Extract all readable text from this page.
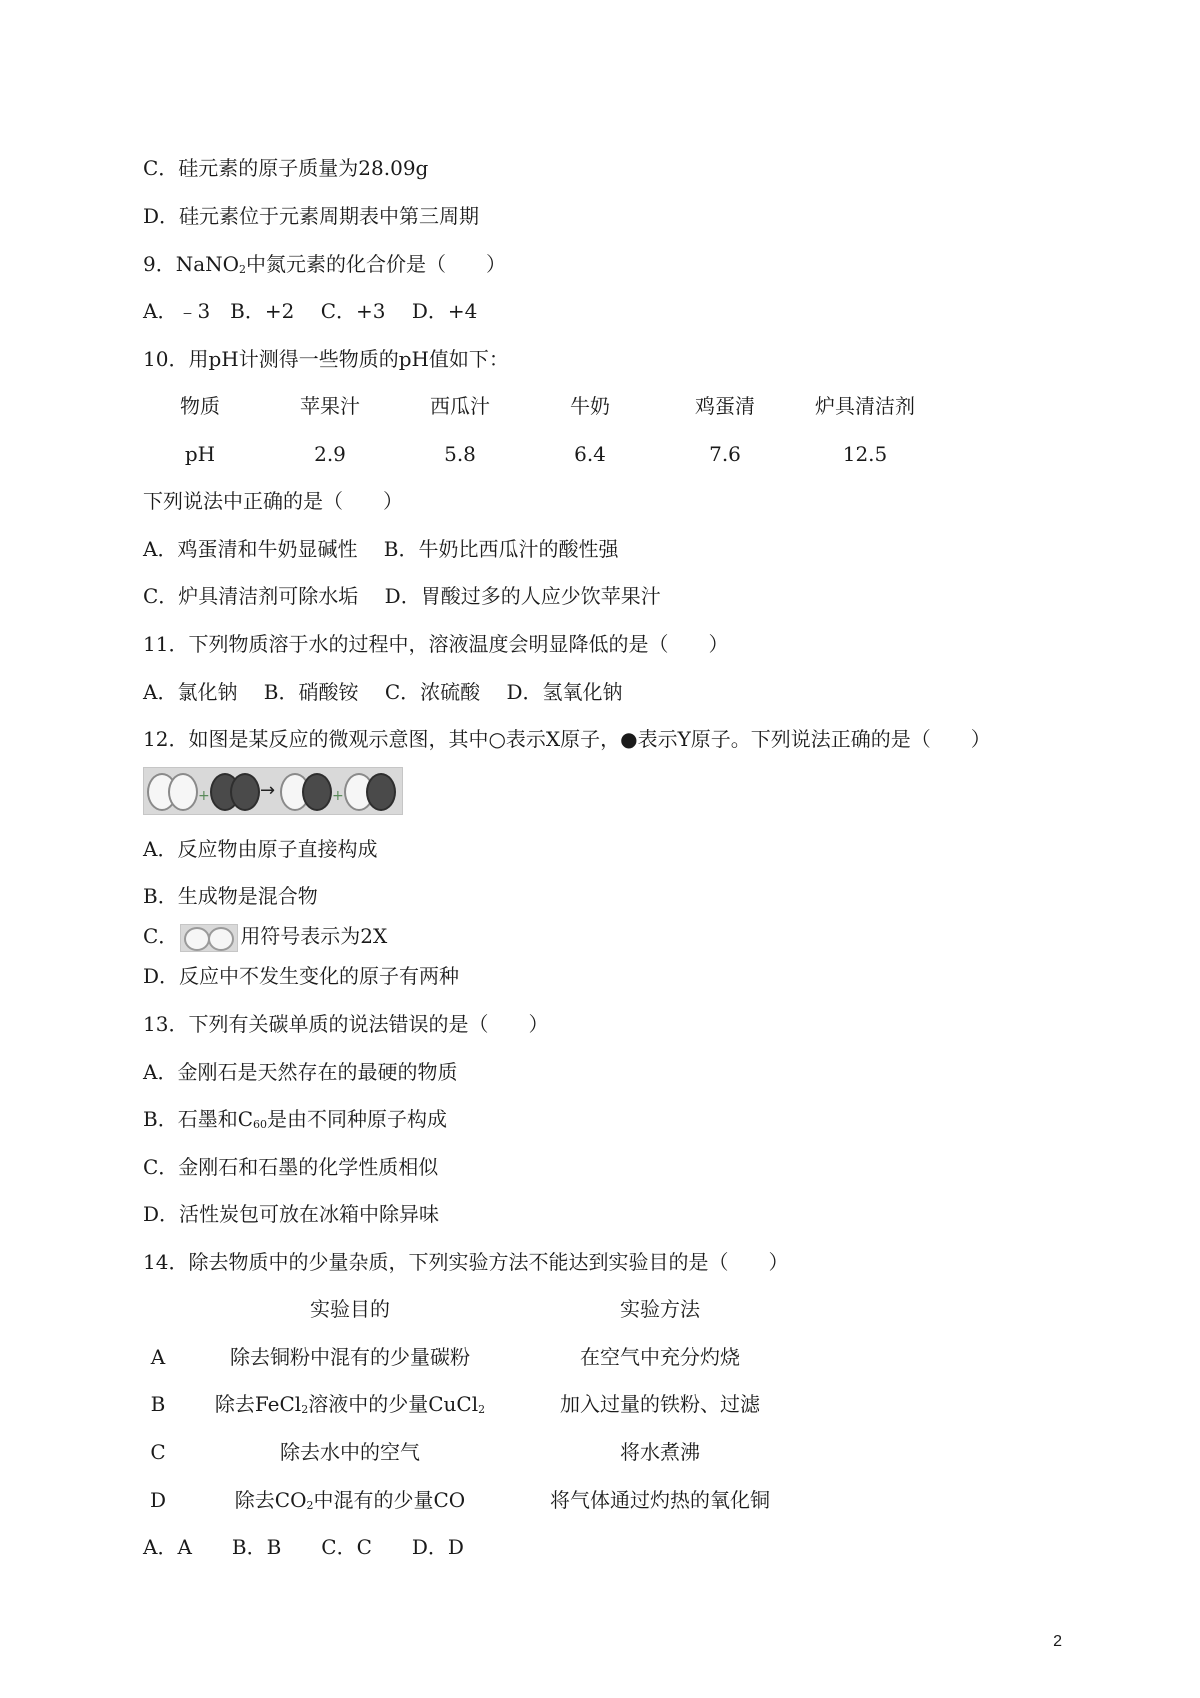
C．硅元素的原子质量为28.09g
D．硅元素位于元素周期表中第三周期
9．NaNO$_2$中氮元素的化合价是（　　）
A．﹣3　B．+2　 C．+3　 D．+4
10．用pH计测得一些物质的pH值如下：
物质	苹果汁	西瓜汁	牛奶	鸡蛋清	炉具清洁剂
pH	2.9	5.8	6.4	7.6	12.5
下列说法中正确的是（　　）
A．鸡蛋清和牛奶显碱性　 B．牛奶比西瓜汁的酸性强
C．炉具清洁剂可除水垢　 D．胃酸过多的人应少饮苹果汁
11．下列物质溶于水的过程中，溶液温度会明显降低的是（　　）
A．氯化钠　 B．硝酸铵　 C．浓硫酸　 D．氢氧化钠
12．如图是某反应的微观示意图，其中○表示X原子，●表示Y原子。下列说法正确的是（　　）
+	→	+
A．反应物由原子直接构成
B．生成物是混合物
C．	用符号表示为2X
D．反应中不发生变化的原子有两种
13．下列有关碳单质的说法错误的是（　　）
A．金刚石是天然存在的最硬的物质
B．石墨和$C_{60}$是由不同种原子构成
C．金刚石和石墨的化学性质相似
D．活性炭包可放在冰箱中除异味
14．除去物质中的少量杂质，下列实验方法不能达到实验目的是（　　）
实验目的	实验方法
A	除去铜粉中混有的少量碳粉	在空气中充分灼烧
B	除去FeCl$_2$溶液中的少量CuCl$_2$	加入过量的铁粉、过滤
C	除去水中的空气	将水煮沸
D	除去$CO_2$中混有的少量CO	将气体通过灼热的氧化铜
A．A　　B．B　　C．C　　D．D
2
